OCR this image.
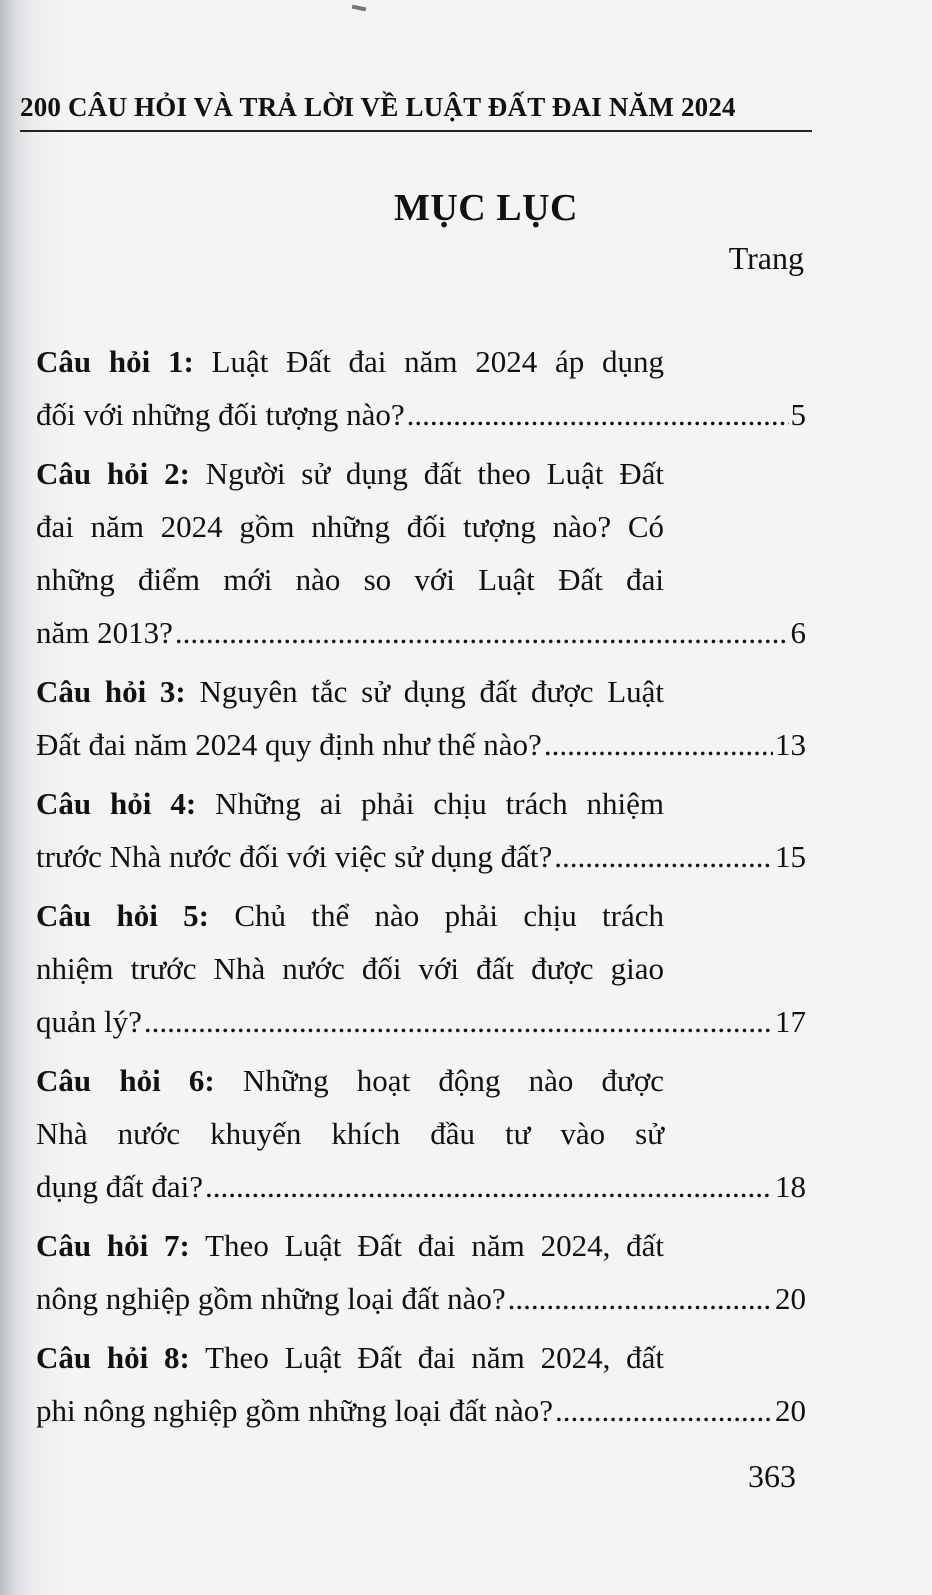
200 CÂU HỎI VÀ TRẢ LỜI VỀ LUẬT ĐẤT ĐAI NĂM 2024
MỤC LỤC
Trang
Câu hỏi 1: Luật Đất đai năm 2024 áp dụng
đối với những đối tượng nào? .....	5
Câu hỏi 2: Người sử dụng đất theo Luật Đất
đai năm 2024 gồm những đối tượng nào? Có
những điểm mới nào so với Luật Đất đai
năm 2013? .....	6
Câu hỏi 3: Nguyên tắc sử dụng đất được Luật
Đất đai năm 2024 quy định như thế nào? .....	13
Câu hỏi 4: Những ai phải chịu trách nhiệm
trước Nhà nước đối với việc sử dụng đất? .....	15
Câu hỏi 5: Chủ thể nào phải chịu trách
nhiệm trước Nhà nước đối với đất được giao
quản lý? .....	17
Câu hỏi 6: Những hoạt động nào được
Nhà nước khuyến khích đầu tư vào sử
dụng đất đai? .....	18
Câu hỏi 7: Theo Luật Đất đai năm 2024, đất
nông nghiệp gồm những loại đất nào? .....	20
Câu hỏi 8: Theo Luật Đất đai năm 2024, đất
phi nông nghiệp gồm những loại đất nào? .....	20
363
